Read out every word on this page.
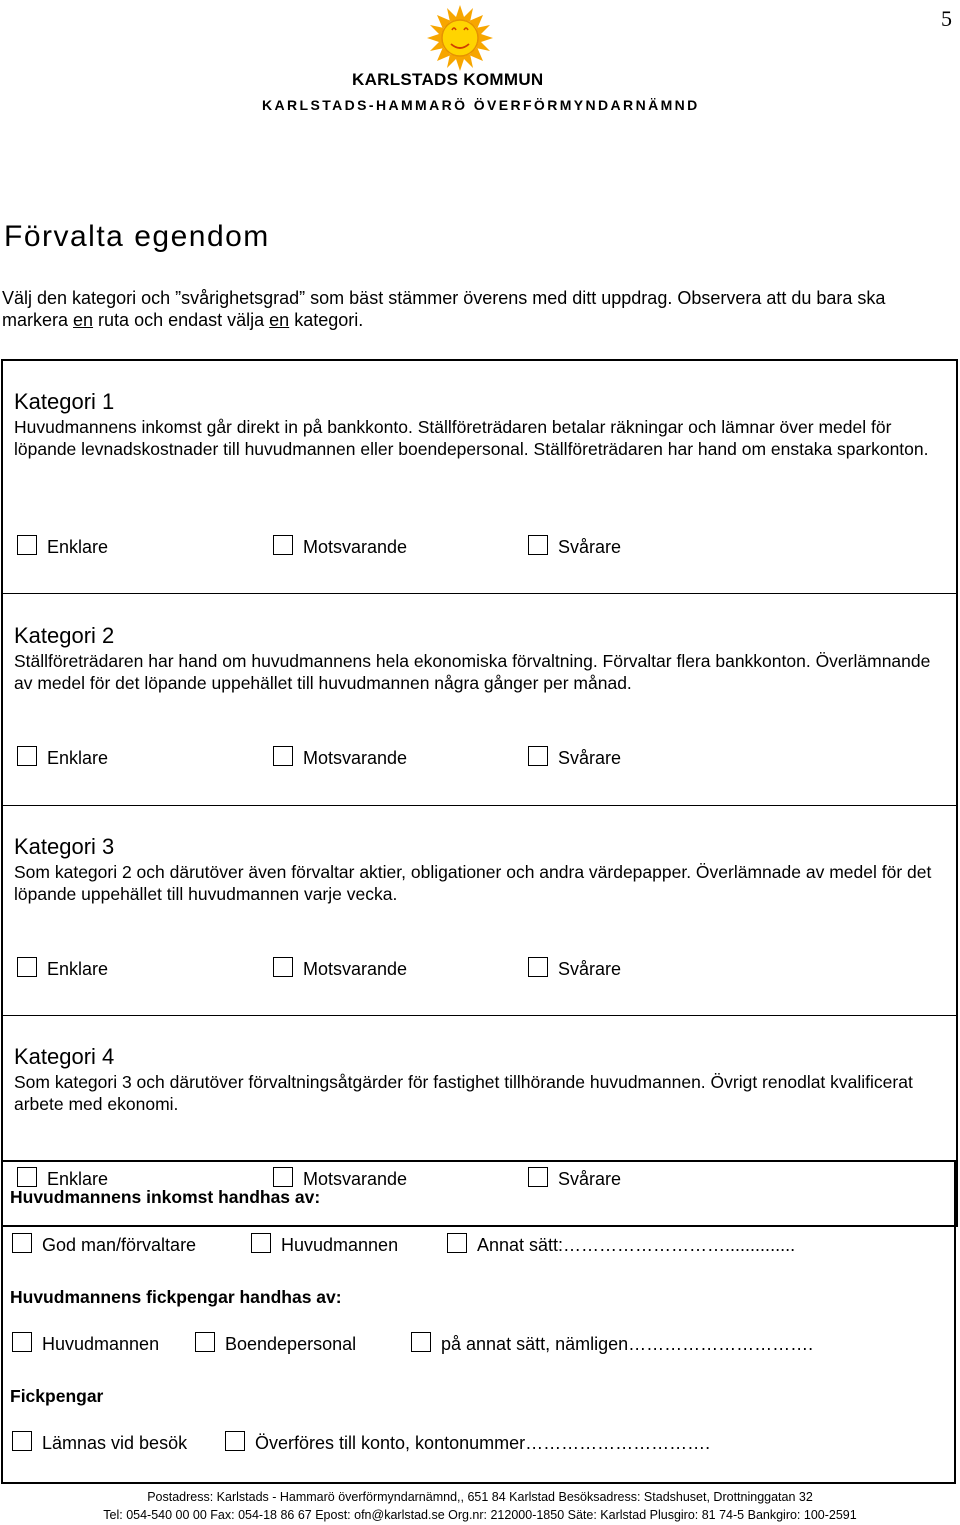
5
KARLSTADS KOMMUN
KARLSTADS-HAMMARÖ ÖVERFÖRMYNDARNÄMND
Förvalta egendom
Välj den kategori och ”svårighetsgrad” som bäst stämmer överens med ditt uppdrag. Observera att du bara ska markera en ruta och endast välja en kategori.
Kategori 1
Huvudmannens inkomst går direkt in på bankkonto. Ställföreträdaren betalar räkningar och lämnar över medel för löpande levnadskostnader till huvudmannen eller boendepersonal. Ställföreträdaren har hand om enstaka sparkonton.
Enklare	Motsvarande	Svårare
Kategori 2
Ställföreträdaren har hand om huvudmannens hela ekonomiska förvaltning. Förvaltar flera bankkonton. Överlämnande av medel för det löpande uppehället till huvudmannen några gånger per månad.
Enklare	Motsvarande	Svårare
Kategori 3
Som kategori 2 och därutöver även förvaltar aktier, obligationer och andra värdepapper. Överlämnade av medel för det löpande uppehället till huvudmannen varje vecka.
Enklare	Motsvarande	Svårare
Kategori 4
Som kategori 3 och därutöver förvaltningsåtgärder för fastighet tillhörande huvudmannen. Övrigt renodlat kvalificerat arbete med ekonomi.
Enklare	Motsvarande	Svårare
Huvudmannens inkomst handhas av:
God man/förvaltare	Huvudmannen	Annat sätt:………………………..............
Huvudmannens fickpengar handhas av:
Huvudmannen	Boendepersonal	på annat sätt, nämligen………………………….
Fickpengar
Lämnas vid besök	Överföres till konto, kontonummer………………………….
Postadress: Karlstads - Hammarö överförmyndarnämnd,, 651 84 Karlstad Besöksadress: Stadshuset, Drottninggatan 32
Tel: 054-540 00 00 Fax: 054-18 86 67 Epost: ofn@karlstad.se Org.nr: 212000-1850 Säte: Karlstad Plusgiro: 81 74-5 Bankgiro: 100-2591
